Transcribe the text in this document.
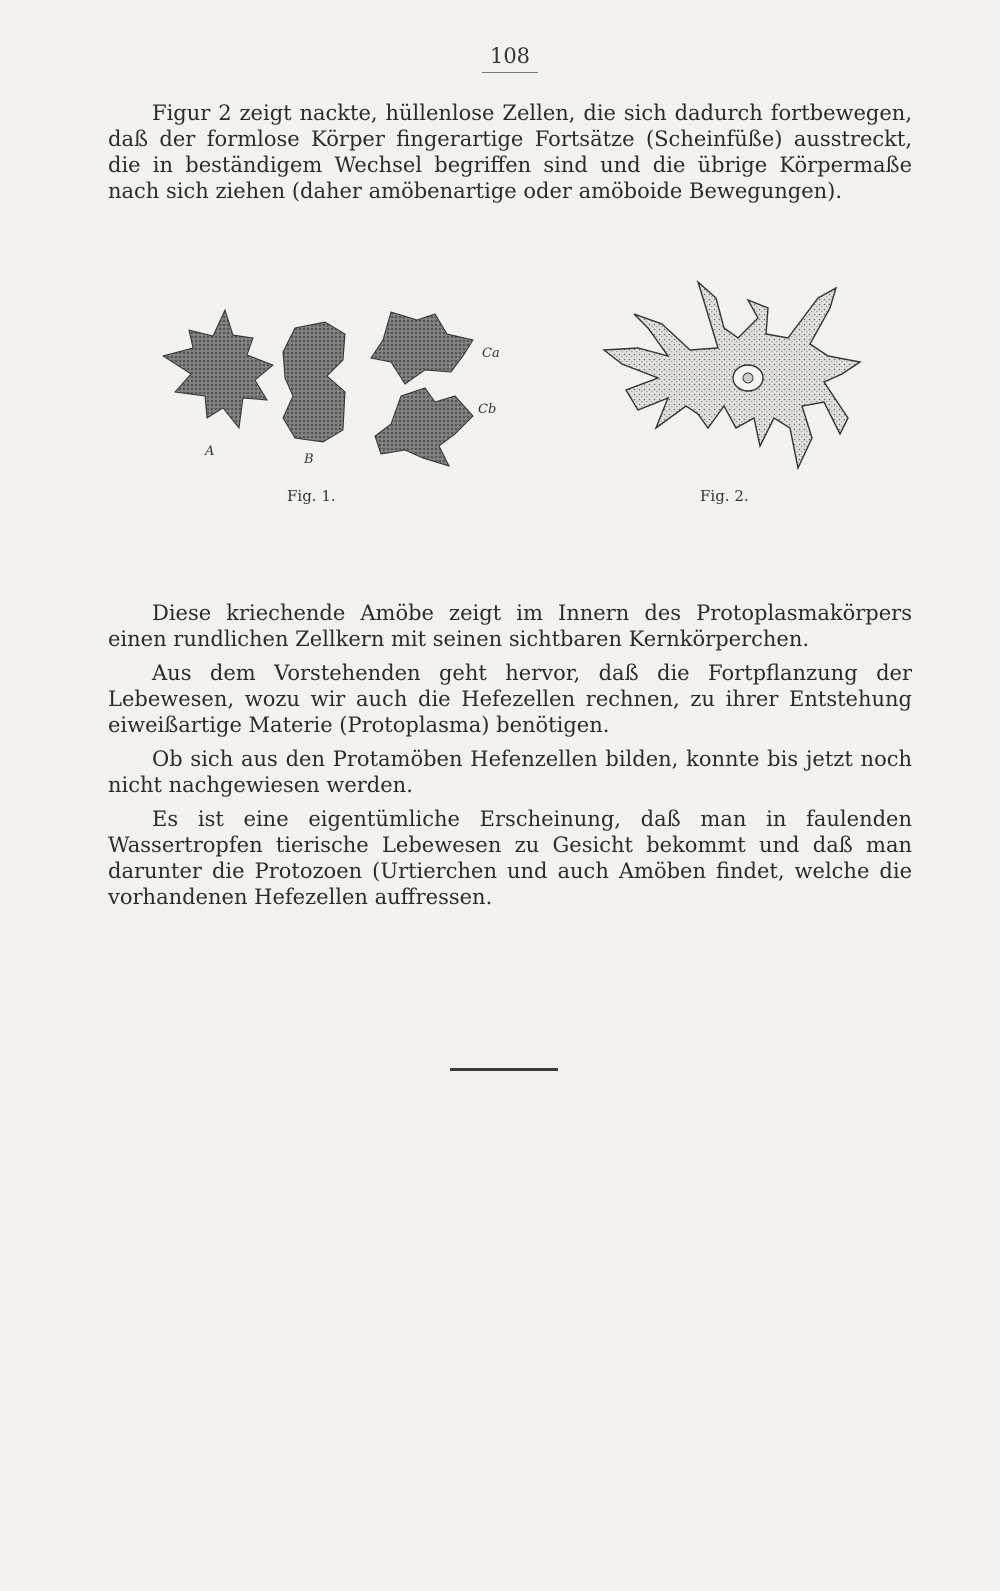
108

Figur 2 zeigt nackte, hüllenlose Zellen, die sich dadurch fortbewegen, daß der formlose Körper fingerartige Fortsätze (Scheinfüße) ausstreckt, die in beständigem Wechsel begriffen sind und die übrige Körpermaße nach sich ziehen (daher amöbenartige oder amöboide Bewegungen).

A
B
Ca
Cb
Fig. 1.	Fig. 2.

Diese kriechende Amöbe zeigt im Innern des Protoplasmakörpers einen rundlichen Zellkern mit seinen sichtbaren Kernkörperchen.

Aus dem Vorstehenden geht hervor, daß die Fortpflanzung der Lebewesen, wozu wir auch die Hefezellen rechnen, zu ihrer Entstehung eiweißartige Materie (Protoplasma) benötigen.

Ob sich aus den Protamöben Hefenzellen bilden, konnte bis jetzt noch nicht nachgewiesen werden.

Es ist eine eigentümliche Erscheinung, daß man in faulenden Wassertropfen tierische Lebewesen zu Gesicht bekommt und daß man darunter die Protozoen (Urtierchen und auch Amöben findet, welche die vorhandenen Hefezellen auffressen.
